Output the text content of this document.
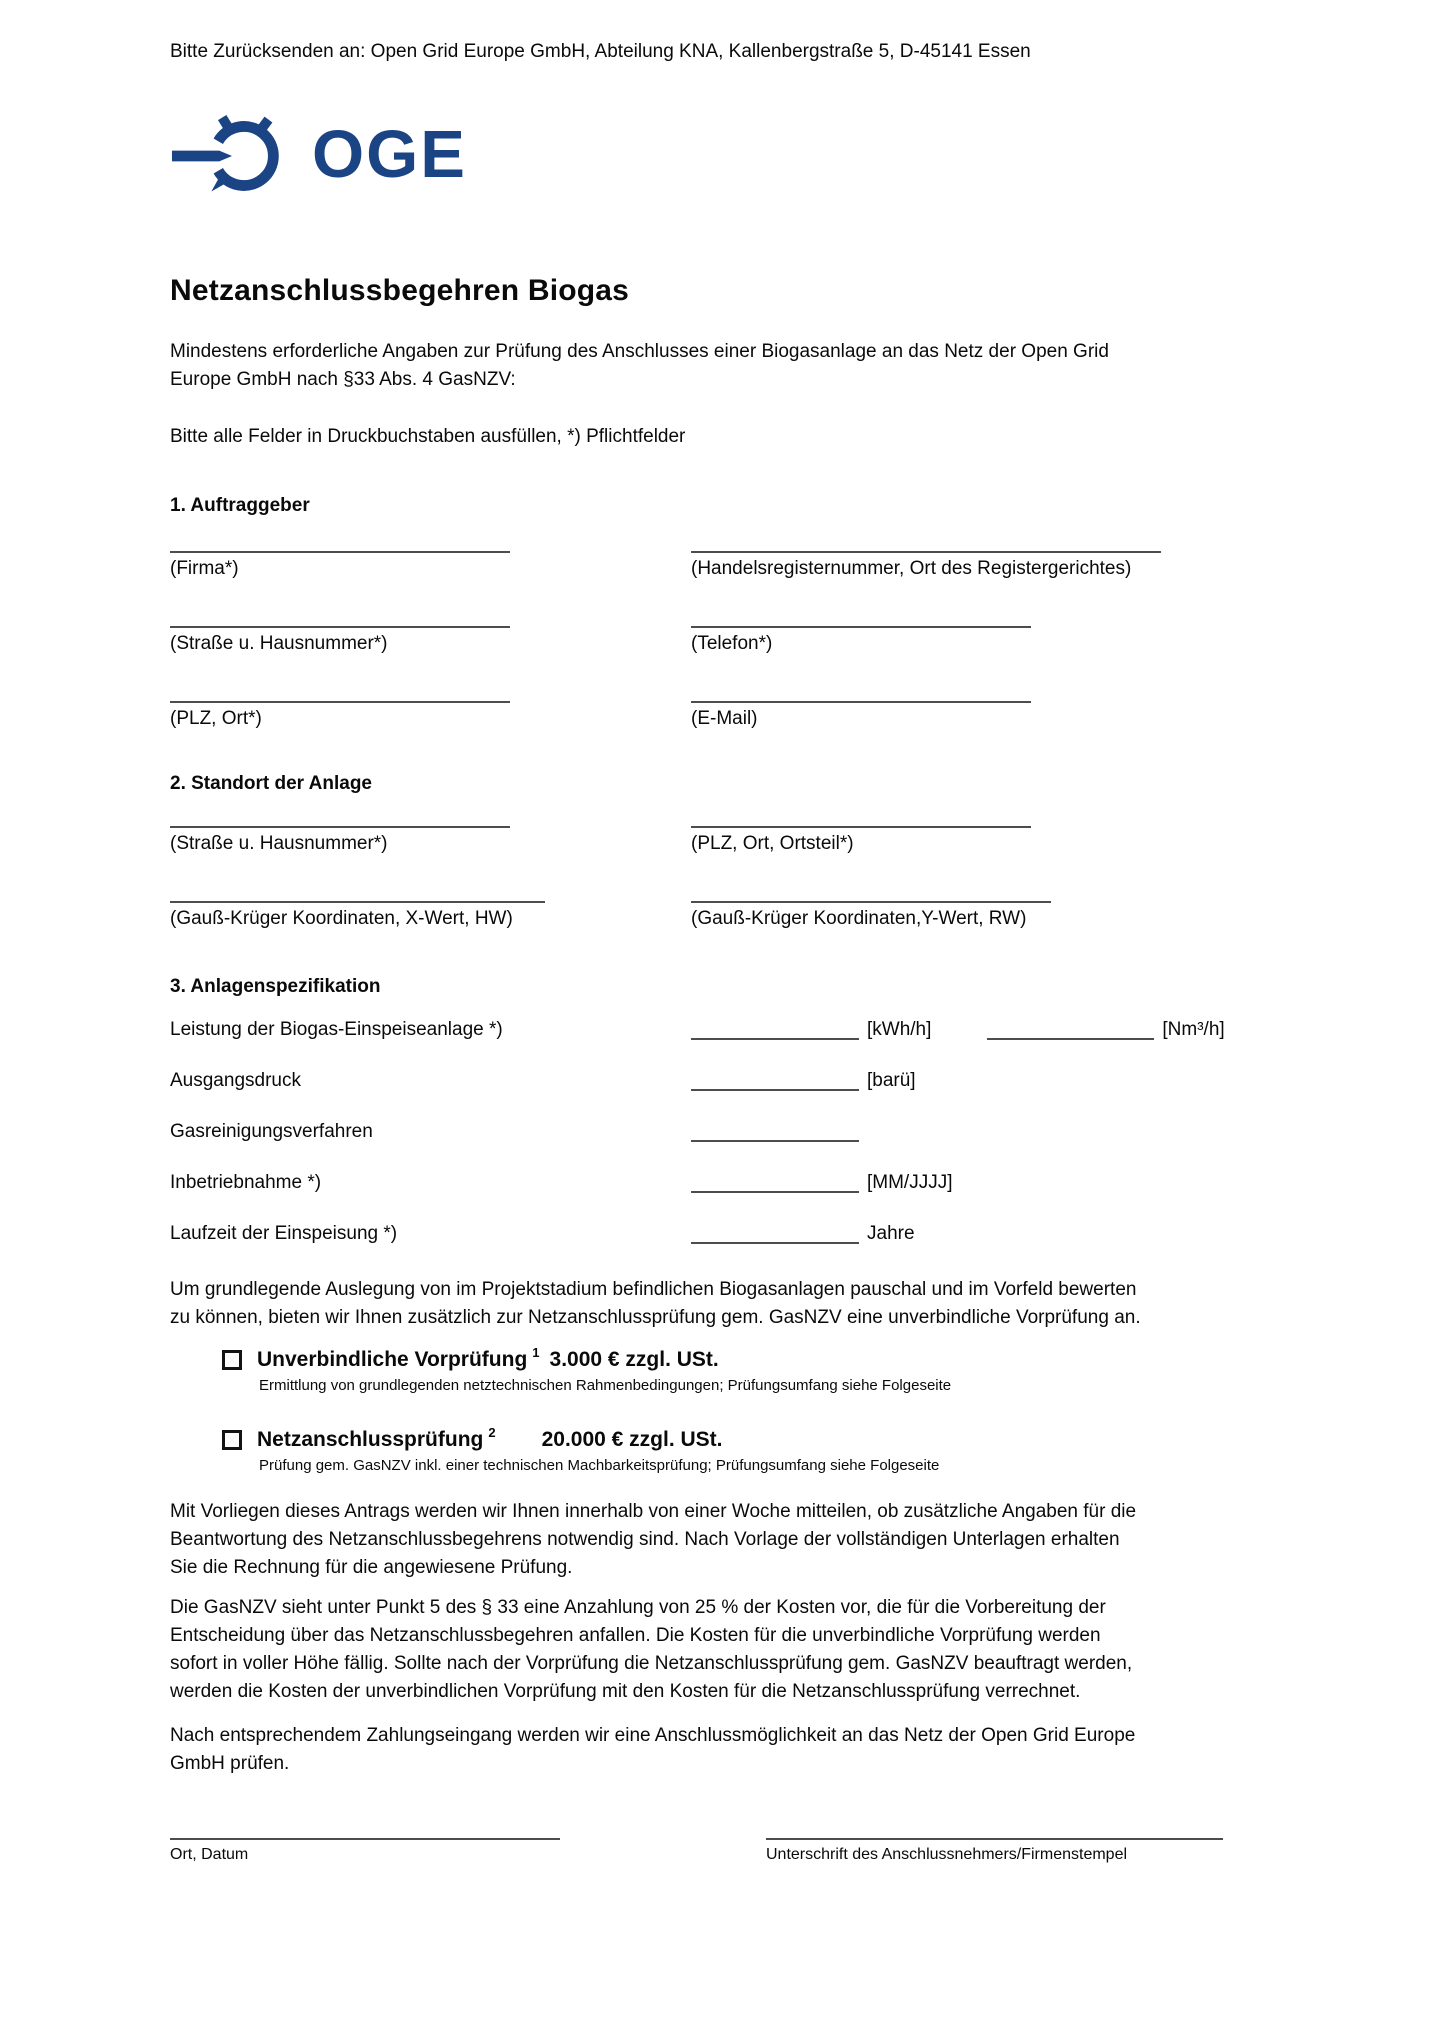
Bitte Zurücksenden an: Open Grid Europe GmbH, Abteilung KNA, Kallenbergstraße 5, D-45141 Essen
OGE
Netzanschlussbegehren Biogas
Mindestens erforderliche Angaben zur Prüfung des Anschlusses einer Biogasanlage an das Netz der Open Grid
Europe GmbH nach §33 Abs. 4 GasNZV:
Bitte alle Felder in Druckbuchstaben ausfüllen, *) Pflichtfelder
1. Auftraggeber
(Firma*)	(Handelsregisternummer, Ort des Registergerichtes)
(Straße u. Hausnummer*)	(Telefon*)
(PLZ, Ort*)	(E-Mail)
2. Standort der Anlage
(Straße u. Hausnummer*)	(PLZ, Ort, Ortsteil*)
(Gauß-Krüger Koordinaten, X-Wert, HW)	(Gauß-Krüger Koordinaten,Y-Wert, RW)
3. Anlagenspezifikation
Leistung der Biogas-Einspeiseanlage *)	[kWh/h]	[Nm³/h]
Ausgangsdruck	[barü]
Gasreinigungsverfahren
Inbetriebnahme *)	[MM/JJJJ]
Laufzeit der Einspeisung *)	Jahre
Um grundlegende Auslegung von im Projektstadium befindlichen Biogasanlagen pauschal und im Vorfeld bewerten
zu können, bieten wir Ihnen zusätzlich zur Netzanschlussprüfung gem. GasNZV eine unverbindliche Vorprüfung an.
Unverbindliche Vorprüfung 1 3.000 € zzgl. USt.
Ermittlung von grundlegenden netztechnischen Rahmenbedingungen; Prüfungsumfang siehe Folgeseite
Netzanschlussprüfung 2 20.000 € zzgl. USt.
Prüfung gem. GasNZV inkl. einer technischen Machbarkeitsprüfung; Prüfungsumfang siehe Folgeseite
Mit Vorliegen dieses Antrags werden wir Ihnen innerhalb von einer Woche mitteilen, ob zusätzliche Angaben für die
Beantwortung des Netzanschlussbegehrens notwendig sind. Nach Vorlage der vollständigen Unterlagen erhalten
Sie die Rechnung für die angewiesene Prüfung.
Die GasNZV sieht unter Punkt 5 des § 33 eine Anzahlung von 25 % der Kosten vor, die für die Vorbereitung der
Entscheidung über das Netzanschlussbegehren anfallen. Die Kosten für die unverbindliche Vorprüfung werden
sofort in voller Höhe fällig. Sollte nach der Vorprüfung die Netzanschlussprüfung gem. GasNZV beauftragt werden,
werden die Kosten der unverbindlichen Vorprüfung mit den Kosten für die Netzanschlussprüfung verrechnet.
Nach entsprechendem Zahlungseingang werden wir eine Anschlussmöglichkeit an das Netz der Open Grid Europe
GmbH prüfen.
Ort, Datum	Unterschrift des Anschlussnehmers/Firmenstempel
